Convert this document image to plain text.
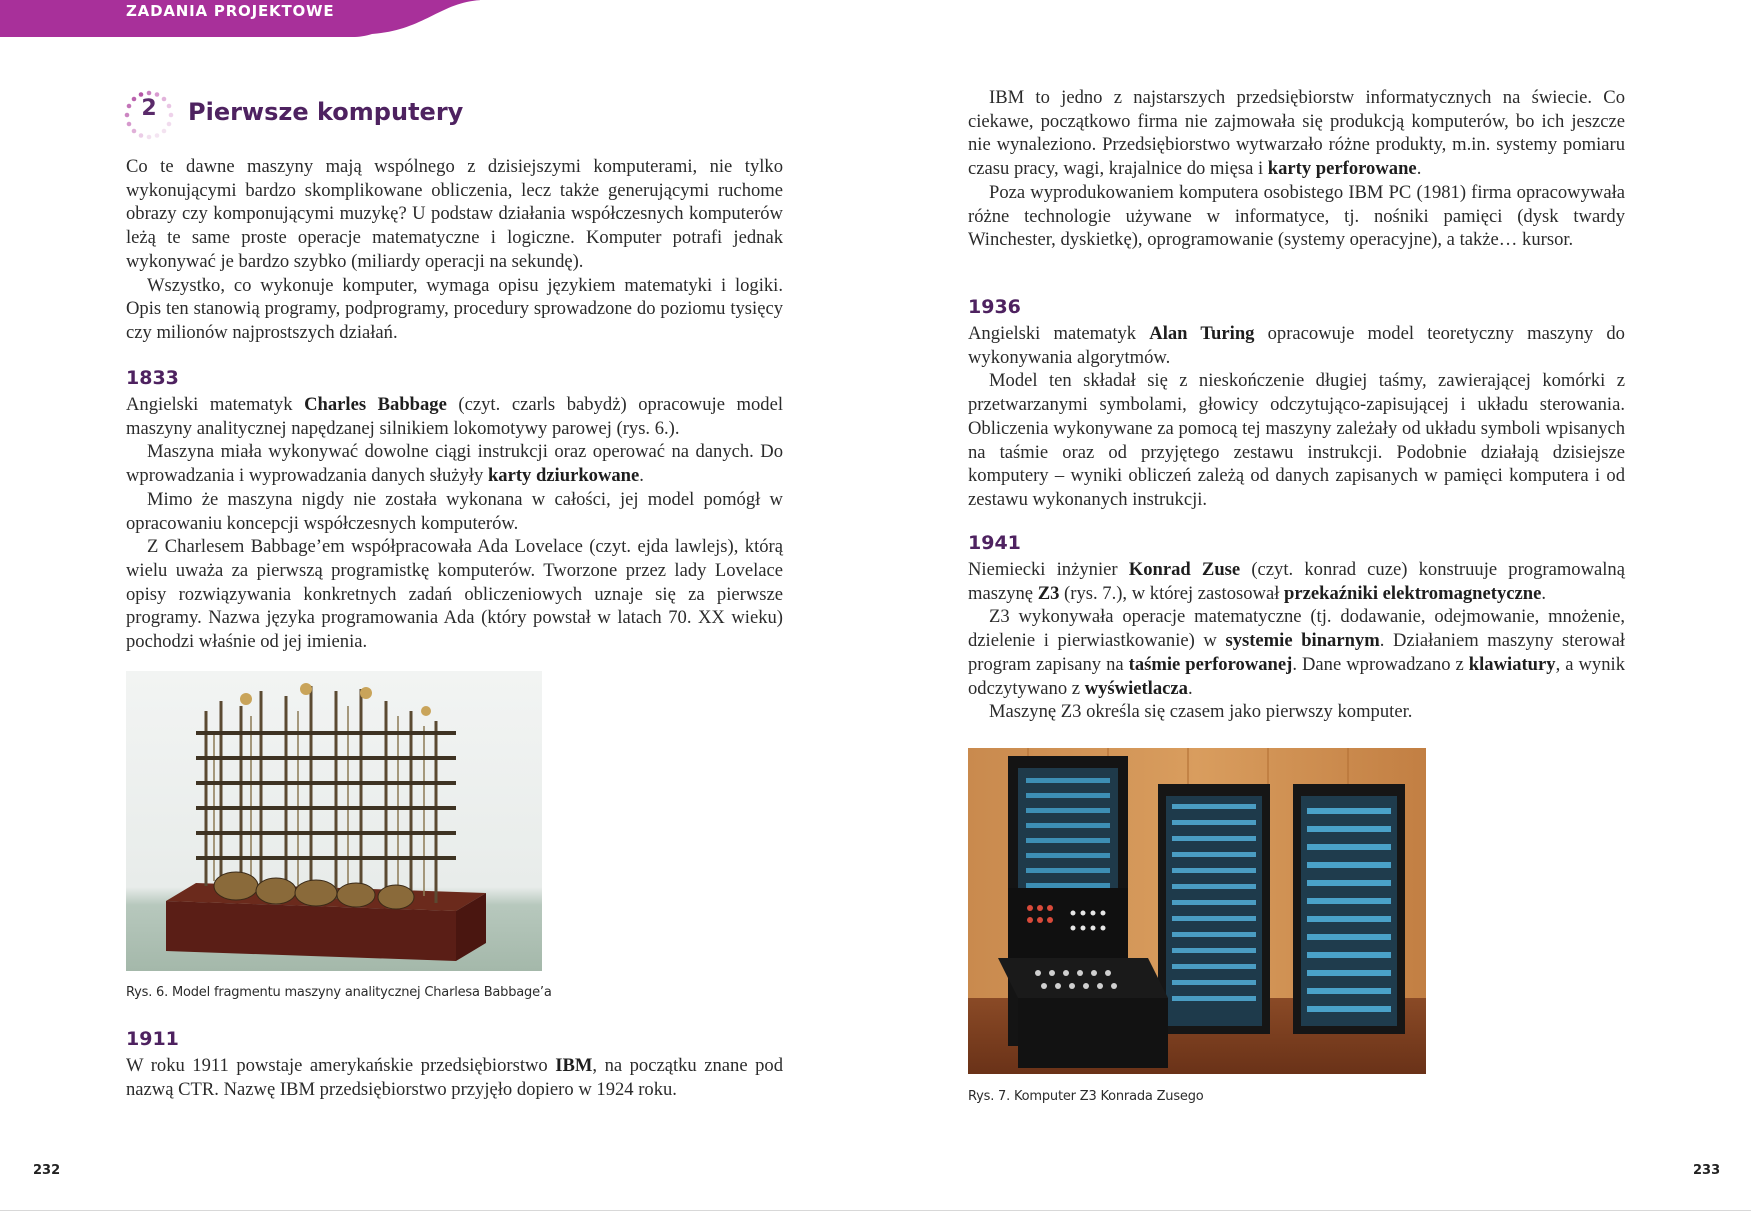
ZADANIA PROJEKTOWE
2	Pierwsze komputery

Co te dawne maszyny mają wspólnego z dzisiejszymi komputerami, nie tylko wykonującymi bardzo skomplikowane obliczenia, lecz także generującymi ruchome obrazy czy komponującymi muzykę? U podstaw działania współczesnych komputerów leżą te same proste operacje matematyczne i logiczne. Komputer potrafi jednak wykonywać je bardzo szybko (miliardy operacji na sekundę).

Wszystko, co wykonuje komputer, wymaga opisu językiem matematyki i logiki. Opis ten stanowią programy, podprogramy, procedury sprowadzone do poziomu tysięcy czy milionów najprostszych działań.

1833

Angielski matematyk Charles Babbage (czyt. czarls babydż) opracowuje model maszyny analitycznej napędzanej silnikiem lokomotywy parowej (rys. 6.).

Maszyna miała wykonywać dowolne ciągi instrukcji oraz operować na danych. Do wprowadzania i wyprowadzania danych służyły karty dziurkowane.

Mimo że maszyna nigdy nie została wykonana w całości, jej model pomógł w opracowaniu koncepcji współczesnych komputerów.

Z Charlesem Babbage’em współpracowała Ada Lovelace (czyt. ejda lawlejs), którą wielu uważa za pierwszą programistkę komputerów. Tworzone przez lady Lovelace opisy rozwiązywania konkretnych zadań obliczeniowych uznaje się za pierwsze programy. Nazwa języka programowania Ada (który powstał w latach 70. XX wieku) pochodzi właśnie od jej imienia.

Rys. 6. Model fragmentu maszyny analitycznej Charlesa Babbage’a
1911

W roku 1911 powstaje amerykańskie przedsiębiorstwo IBM, na początku znane pod nazwą CTR. Nazwę IBM przedsiębiorstwo przyjęło dopiero w 1924 roku.

232

IBM to jedno z najstarszych przedsiębiorstw informatycznych na świecie. Co ciekawe, początkowo firma nie zajmowała się produkcją komputerów, bo ich jeszcze nie wynaleziono. Przedsiębiorstwo wytwarzało różne produkty, m.in. systemy pomiaru czasu pracy, wagi, krajalnice do mięsa i karty perforowane.

Poza wyprodukowaniem komputera osobistego IBM PC (1981) firma opracowywała różne technologie używane w informatyce, tj. nośniki pamięci (dysk twardy Winchester, dyskietkę), oprogramowanie (systemy operacyjne), a także… kursor.

1936

Angielski matematyk Alan Turing opracowuje model teoretyczny maszyny do wykonywania algorytmów.

Model ten składał się z nieskończenie długiej taśmy, zawierającej komórki z przetwarzanymi symbolami, głowicy odczytująco-zapisującej i układu sterowania. Obliczenia wykonywane za pomocą tej maszyny zależały od układu symboli wpisanych na taśmie oraz od przyjętego zestawu instrukcji. Podobnie działają dzisiejsze komputery – wyniki obliczeń zależą od danych zapisanych w pamięci komputera i od zestawu wykonanych instrukcji.

1941

Niemiecki inżynier Konrad Zuse (czyt. konrad cuze) konstruuje programowalną maszynę Z3 (rys. 7.), w której zastosował przekaźniki elektromagnetyczne.

Z3 wykonywała operacje matematyczne (tj. dodawanie, odejmowanie, mnożenie, dzielenie i pierwiastkowanie) w systemie binarnym. Działaniem maszyny sterował program zapisany na taśmie perforowanej. Dane wprowadzano z klawiatury, a wynik odczytywano z wyświetlacza.

Maszynę Z3 określa się czasem jako pierwszy komputer.

Rys. 7. Komputer Z3 Konrada Zusego
233
